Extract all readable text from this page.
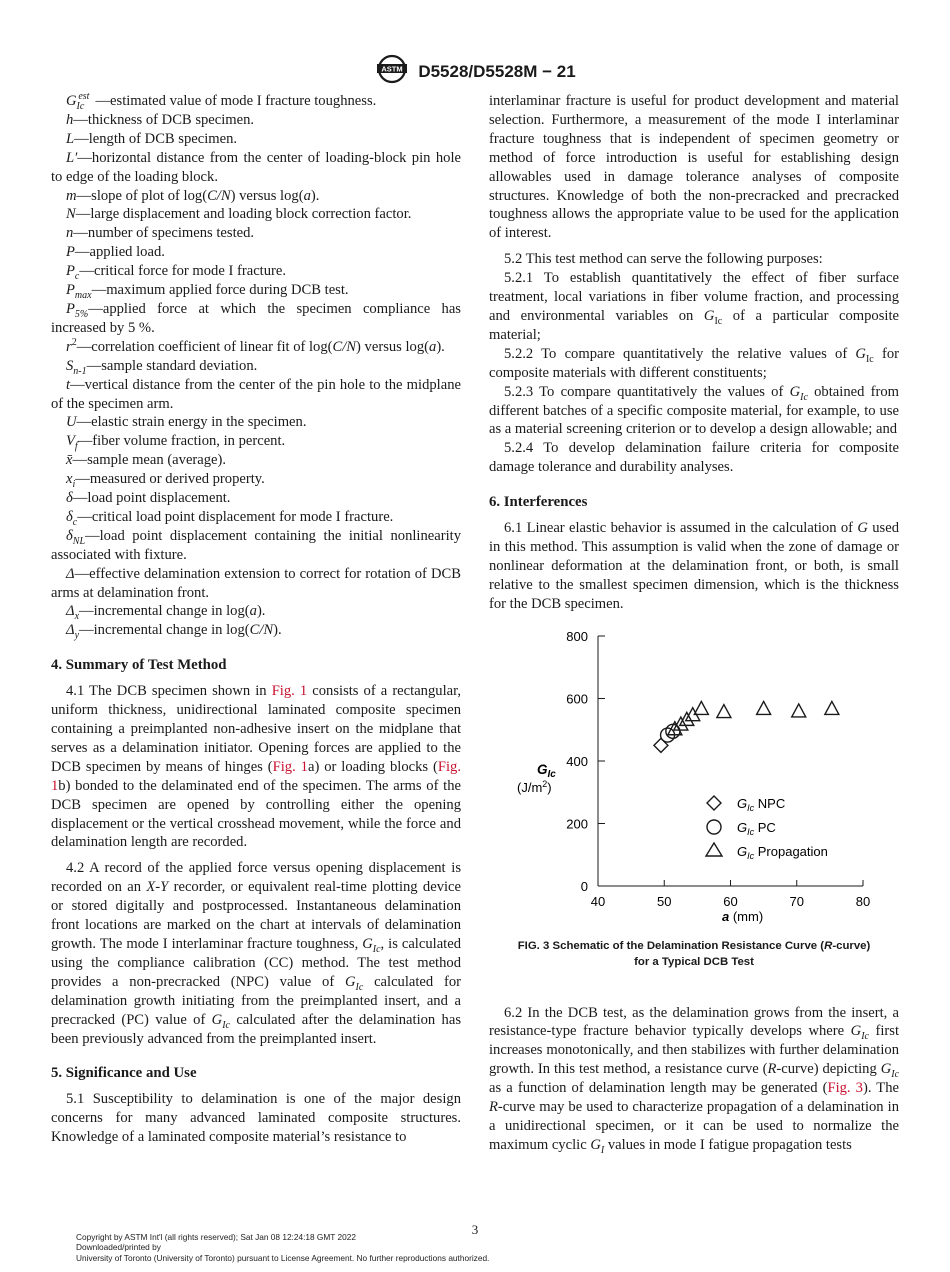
ASTM D5528/D5528M − 21

$G_{Ic}^{est}$ —estimated value of mode I fracture toughness.

h—thickness of DCB specimen.

L—length of DCB specimen.

L′—horizontal distance from the center of loading-block pin hole to edge of the loading block.

m—slope of plot of log(C/N) versus log(a).

N—large displacement and loading block correction factor.

n—number of specimens tested.

P—applied load.

$P_c—critical$ force for mode I fracture.

$P_{max}—maximum$ applied force during DCB test.

$P_{5\%}—applied$ force at which the specimen compliance has increased by 5 %.

$r^2—correlation$ coefficient of linear fit of log(C/N) versus log(a).

$S_{n-1}—sample$ standard deviation.

t—vertical distance from the center of the pin hole to the midplane of the specimen arm.

U—elastic strain energy in the specimen.

$V_f—fiber$ volume fraction, in percent.

x̄—sample mean (average).

$x_i—measured$ or derived property.

δ—load point displacement.

$\delta_c—critical$ load point displacement for mode I fracture.

$\delta_{NL}—load$ point displacement containing the initial nonlinearity associated with fixture.

Δ—effective delamination extension to correct for rotation of DCB arms at delamination front.

$\Delta_x—incremental$ change in log(a).

$\Delta_y—incremental$ change in log(C/N).

4. Summary of Test Method

4.1 The DCB specimen shown in Fig. 1 consists of a rectangular, uniform thickness, unidirectional laminated composite specimen containing a preimplanted non-adhesive insert on the midplane that serves as a delamination initiator. Opening forces are applied to the DCB specimen by means of hinges (Fig. 1a) or loading blocks (Fig. 1b) bonded to the delaminated end of the specimen. The arms of the DCB specimen are opened by controlling either the opening displacement or the vertical crosshead movement, while the force and delamination length are recorded.

4.2 A record of the applied force versus opening displacement is recorded on an X-Y recorder, or equivalent real-time plotting device or stored digitally and postprocessed. Instantaneous delamination front locations are marked on the chart at intervals of delamination growth. The mode I interlaminar fracture toughness, $G_{Ic}$, is calculated using the compliance calibration (CC) method. The test method provides a non-precracked (NPC) value of $G_{Ic}$ calculated for delamination growth initiating from the preimplanted insert, and a precracked (PC) value of $G_{Ic}$ calculated after the delamination has been previously advanced from the preimplanted insert.

5. Significance and Use

5.1 Susceptibility to delamination is one of the major design concerns for many advanced laminated composite structures. Knowledge of a laminated composite material’s resistance to

interlaminar fracture is useful for product development and material selection. Furthermore, a measurement of the mode I interlaminar fracture toughness that is independent of specimen geometry or method of force introduction is useful for establishing design allowables used in damage tolerance analyses of composite structures. Knowledge of both the non-precracked and precracked toughness allows the appropriate value to be used for the application of interest.

5.2 This test method can serve the following purposes:

5.2.1 To establish quantitatively the effect of fiber surface treatment, local variations in fiber volume fraction, and processing and environmental variables on $G_{Ic}$ of a particular composite material;

5.2.2 To compare quantitatively the relative values of $G_{Ic}$ for composite materials with different constituents;

5.2.3 To compare quantitatively the values of $G_{Ic}$ obtained from different batches of a specific composite material, for example, to use as a material screening criterion or to develop a design allowable; and

5.2.4 To develop delamination failure criteria for composite damage tolerance and durability analyses.

6. Interferences

6.1 Linear elastic behavior is assumed in the calculation of G used in this method. This assumption is valid when the zone of damage or nonlinear deformation at the delamination front, or both, is small relative to the smallest specimen dimension, which is the thickness for the DCB specimen.

0
200
400
600
800
40	50	60	70	80
$G_{Ic}$
$(J/m^2)$
a (mm)
$G_{Ic}$ NPC
$G_{Ic}$ PC
$G_{Ic}$ Propagation
FIG. 3 Schematic of the Delamination Resistance Curve (R-curve)
for a Typical DCB Test

6.2 In the DCB test, as the delamination grows from the insert, a resistance-type fracture behavior typically develops where $G_{Ic}$ first increases monotonically, and then stabilizes with further delamination growth. In this test method, a resistance curve (R-curve) depicting $G_{Ic}$ as a function of delamination length may be generated (Fig. 3). The R-curve may be used to characterize propagation of a delamination in a unidirectional specimen, or it can be used to normalize the maximum cyclic $G_I$ values in mode I fatigue propagation tests

3
Copyright by ASTM Int'l (all rights reserved); Sat Jan 08 12:24:18 GMT 2022
Downloaded/printed by
University of Toronto (University of Toronto) pursuant to License Agreement. No further reproductions authorized.
